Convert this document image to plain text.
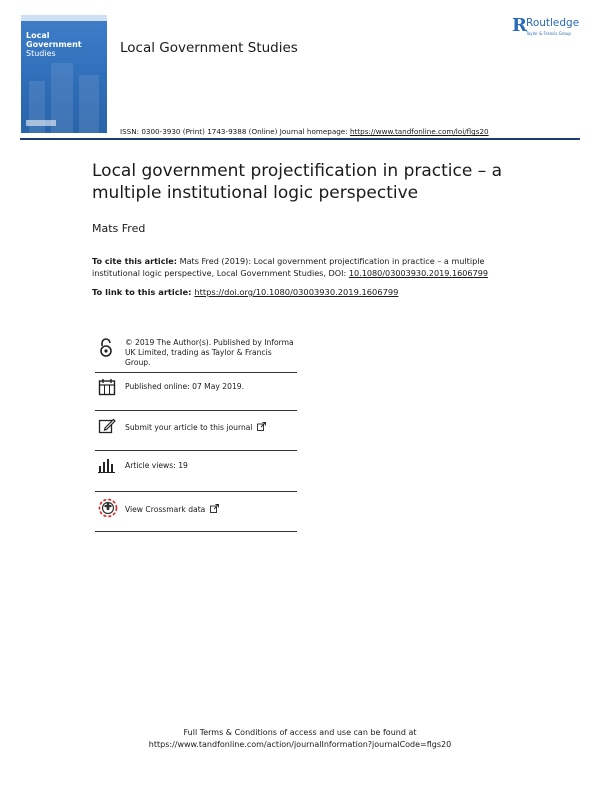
Local Government
Studies	Local Government Studies
R Routledge
Taylor & Francis Group
ISSN: 0300-3930 (Print) 1743-9388 (Online) Journal homepage: https://www.tandfonline.com/loi/flgs20
Local government projectification in practice – a multiple institutional logic perspective
Mats Fred
To cite this article: Mats Fred (2019): Local government projectification in practice – a multiple institutional logic perspective, Local Government Studies, DOI: 10.1080/03003930.2019.1606799
To link to this article: https://doi.org/10.1080/03003930.2019.1606799
© 2019 The Author(s). Published by Informa UK Limited, trading as Taylor & Francis Group.
Published online: 07 May 2019.
Submit your article to this journal
Article views: 19
View Crossmark data
Full Terms & Conditions of access and use can be found at
https://www.tandfonline.com/action/journalInformation?journalCode=flgs20
